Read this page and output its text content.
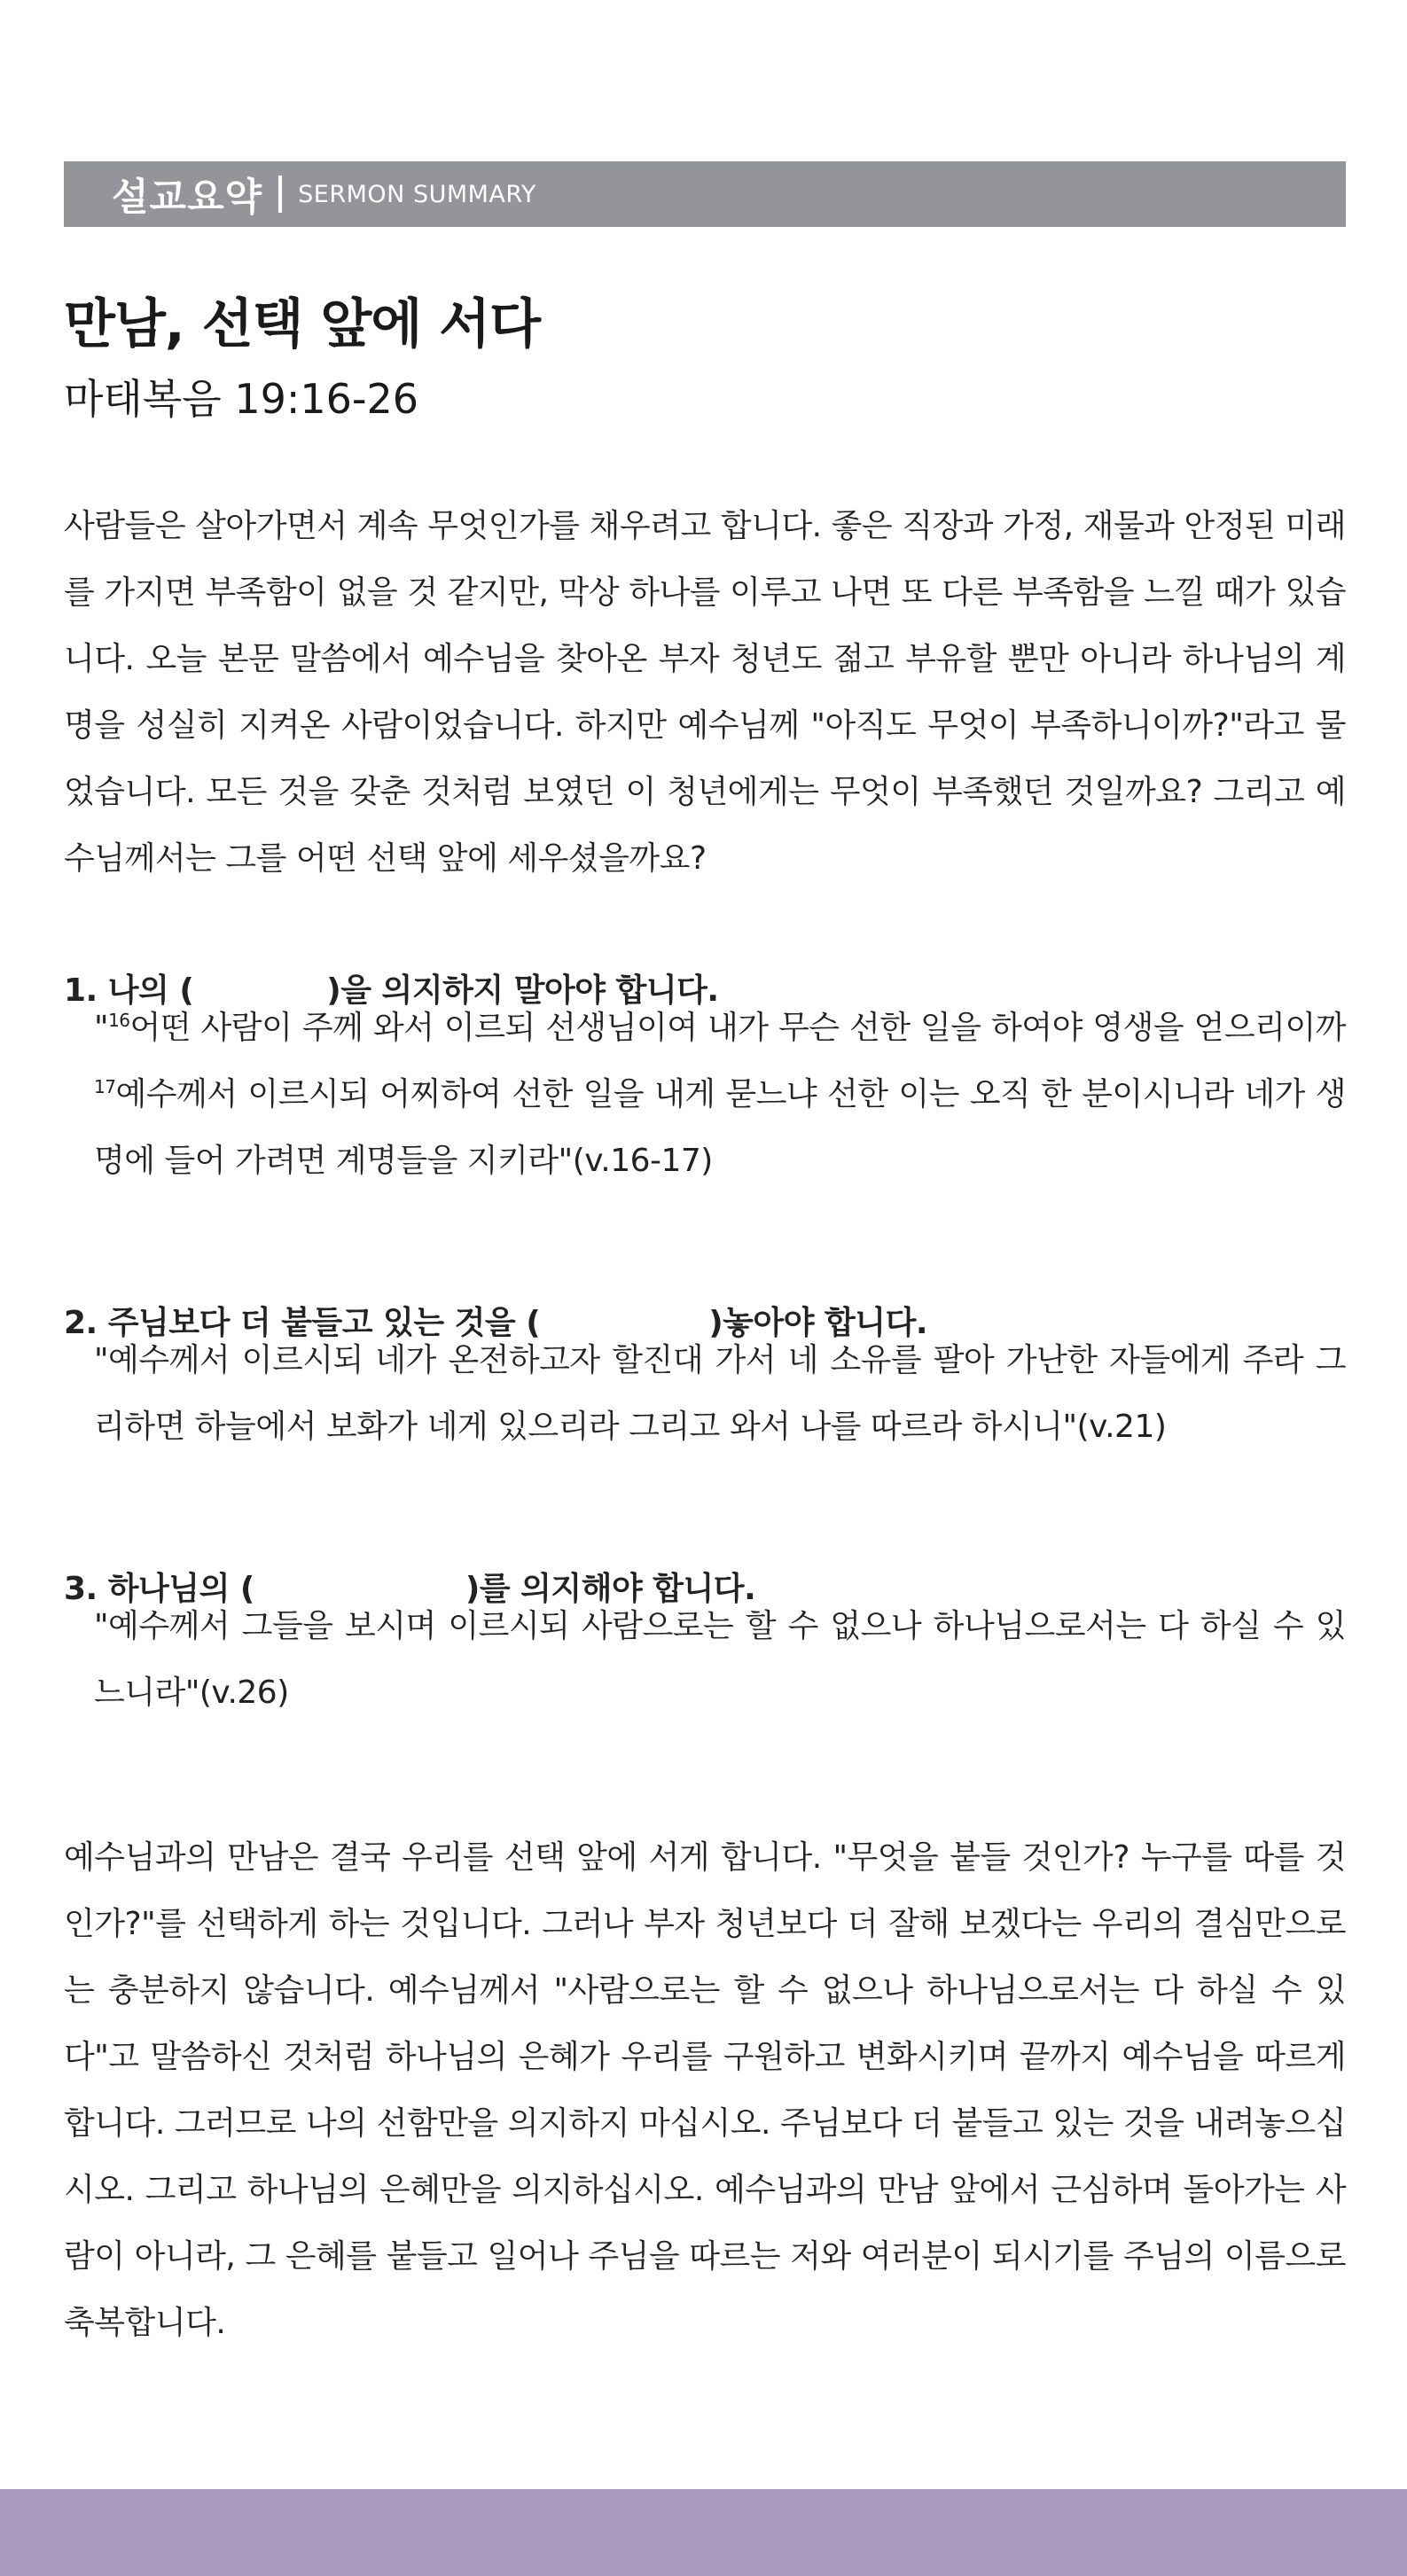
설교요약 SERMON SUMMARY
만남, 선택 앞에 서다
마태복음 19:16-26

사람들은 살아가면서 계속 무엇인가를 채우려고 합니다. 좋은 직장과 가정, 재물과 안정된 미래를 가지면 부족함이 없을 것 같지만, 막상 하나를 이루고 나면 또 다른 부족함을 느낄 때가 있습니다. 오늘 본문 말씀에서 예수님을 찾아온 부자 청년도 젊고 부유할 뿐만 아니라 하나님의 계명을 성실히 지켜온 사람이었습니다. 하지만 예수님께 "아직도 무엇이 부족하니이까?"라고 물었습니다. 모든 것을 갖춘 것처럼 보였던 이 청년에게는 무엇이 부족했던 것일까요? 그리고 예수님께서는 그를 어떤 선택 앞에 세우셨을까요?

1. 나의 (	)을 의지하지 말아야 합니다.

"$^{16}$어떤 사람이 주께 와서 이르되 선생님이여 내가 무슨 선한 일을 하여야 영생을 얻으리이까 $^{17}$예수께서 이르시되 어찌하여 선한 일을 내게 묻느냐 선한 이는 오직 한 분이시니라 네가 생명에 들어 가려면 계명들을 지키라"(v.16-17)

2. 주님보다 더 붙들고 있는 것을 (	)놓아야 합니다.

"예수께서 이르시되 네가 온전하고자 할진대 가서 네 소유를 팔아 가난한 자들에게 주라 그리하면 하늘에서 보화가 네게 있으리라 그리고 와서 나를 따르라 하시니"(v.21)

3. 하나님의 (	)를 의지해야 합니다.

"예수께서 그들을 보시며 이르시되 사람으로는 할 수 없으나 하나님으로서는 다 하실 수 있느니라"(v.26)

예수님과의 만남은 결국 우리를 선택 앞에 서게 합니다. "무엇을 붙들 것인가? 누구를 따를 것인가?"를 선택하게 하는 것입니다. 그러나 부자 청년보다 더 잘해 보겠다는 우리의 결심만으로는 충분하지 않습니다. 예수님께서 "사람으로는 할 수 없으나 하나님으로서는 다 하실 수 있다"고 말씀하신 것처럼 하나님의 은혜가 우리를 구원하고 변화시키며 끝까지 예수님을 따르게 합니다. 그러므로 나의 선함만을 의지하지 마십시오. 주님보다 더 붙들고 있는 것을 내려놓으십시오. 그리고 하나님의 은혜만을 의지하십시오. 예수님과의 만남 앞에서 근심하며 돌아가는 사람이 아니라, 그 은혜를 붙들고 일어나 주님을 따르는 저와 여러분이 되시기를 주님의 이름으로 축복합니다.
